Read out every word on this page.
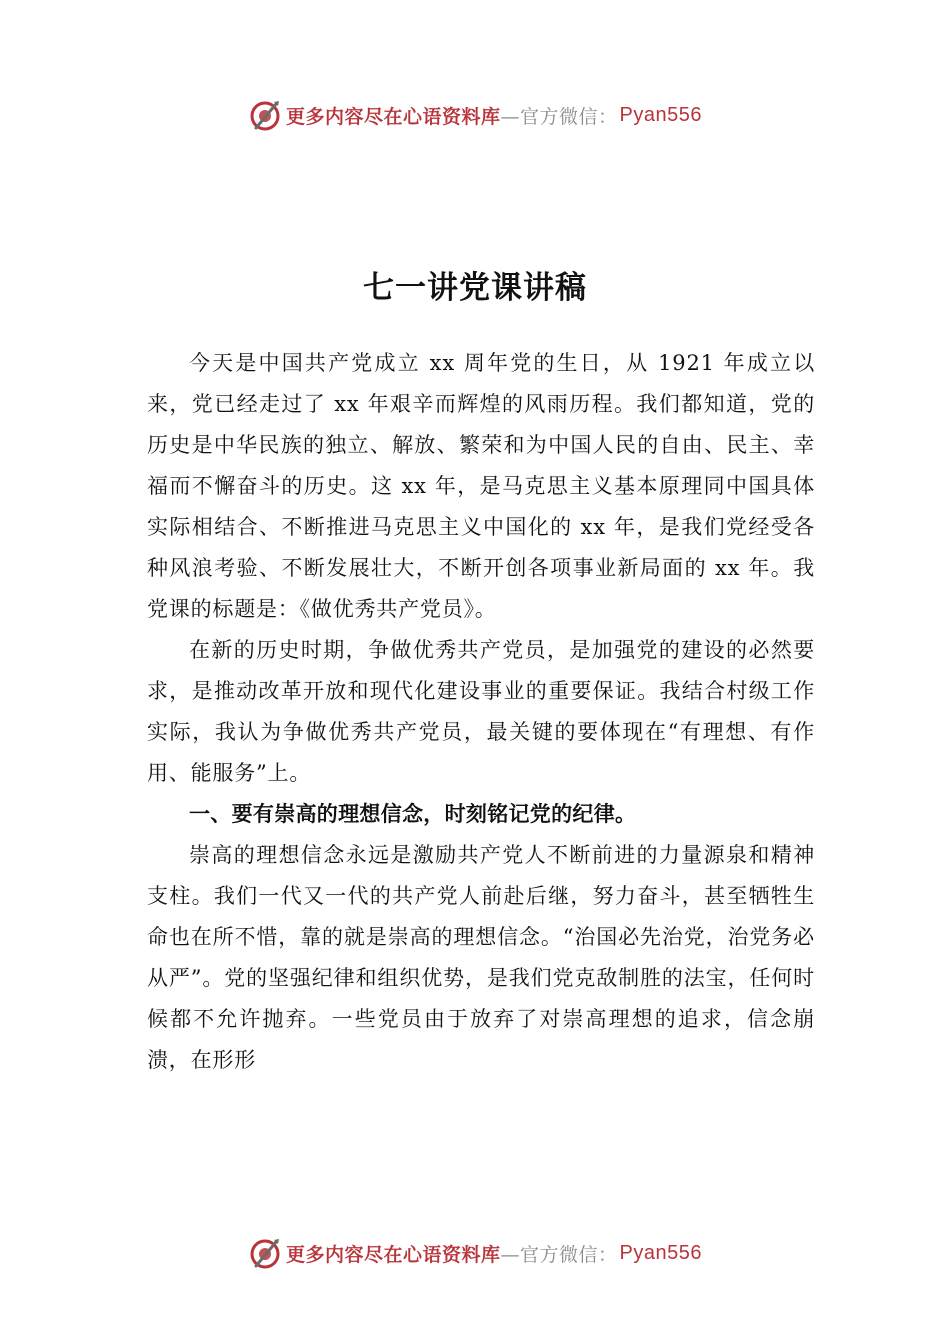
更多内容尽在心语资料库 —官方微信： Pyan556
七一讲党课讲稿

今天是中国共产党成立 xx 周年党的生日，从 1921 年成立以来，党已经走过了 xx 年艰辛而辉煌的风雨历程。我们都知道，党的历史是中华民族的独立、解放、繁荣和为中国人民的自由、民主、幸福而不懈奋斗的历史。这 xx 年，是马克思主义基本原理同中国具体实际相结合、不断推进马克思主义中国化的 xx 年，是我们党经受各种风浪考验、不断发展壮大，不断开创各项事业新局面的 xx 年。我党课的标题是：《做优秀共产党员》。

在新的历史时期，争做优秀共产党员，是加强党的建设的必然要求，是推动改革开放和现代化建设事业的重要保证。我结合村级工作实际，我认为争做优秀共产党员，最关键的要体现在“有理想、有作用、能服务”上。

一、要有崇高的理想信念，时刻铭记党的纪律。

崇高的理想信念永远是激励共产党人不断前进的力量源泉和精神支柱。我们一代又一代的共产党人前赴后继，努力奋斗，甚至牺牲生命也在所不惜，靠的就是崇高的理想信念。“治国必先治党，治党务必从严”。党的坚强纪律和组织优势，是我们党克敌制胜的法宝，任何时候都不允许抛弃。一些党员由于放弃了对崇高理想的追求，信念崩溃，在形形

更多内容尽在心语资料库 —官方微信： Pyan556
